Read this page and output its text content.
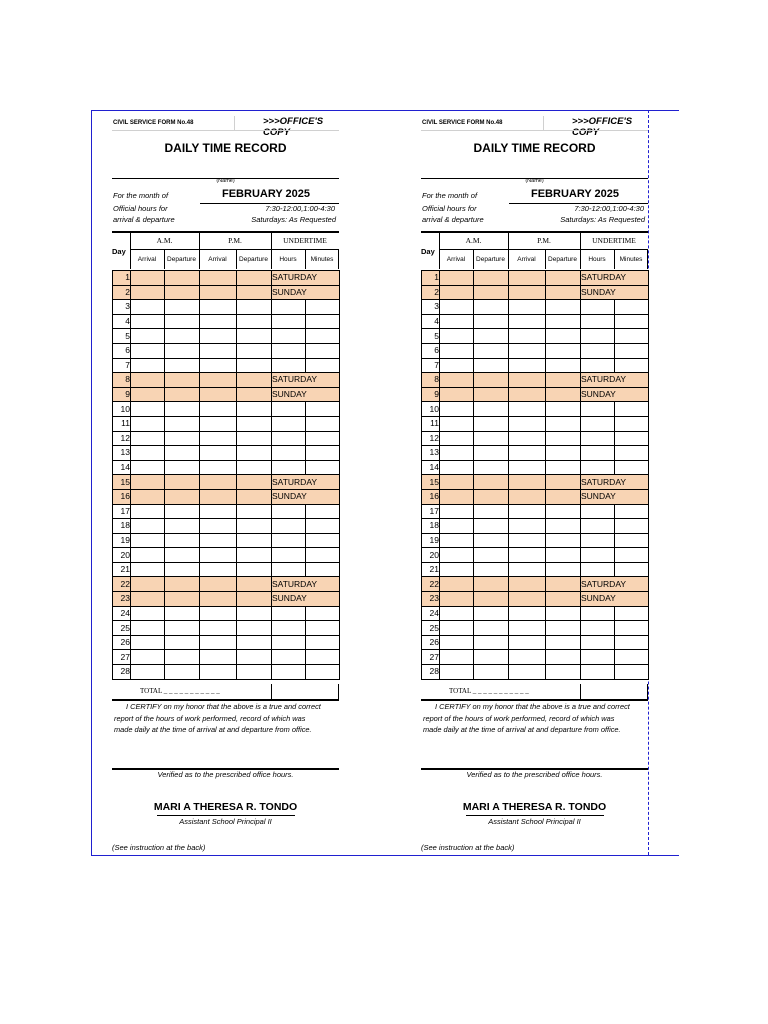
CIVIL SERVICE FORM No.48	>>>OFFICE'S COPY
DAILY TIME RECORD
(Name)
For the month of	FEBRUARY 2025
Official hours for	7:30-12:00,1:00-4:30
arrival & departure	Saturdays: As Requested
A.M.	P.M.	UNDERTIME
Day
Arrival	Departure	Arrival	Departure	Hours	Minutes
1					SATURDAY	
2					SUNDAY	
3						
4						
5						
6						
7						
8					SATURDAY	
9					SUNDAY	
10						
11						
12						
13						
14						
15					SATURDAY	
16					SUNDAY	
17						
18						
19						
20						
21						
22					SATURDAY	
23					SUNDAY	
24						
25						
26						
27						
28						
TOTAL _ _ _ _ _ _ _ _ _ _ _
I CERTIFY on my honor that the above is a true and correct
report of the hours of work performed, record of which was
made daily at the time of arrival at and departure from office.
Verified as to the prescribed office hours.
MARI A THERESA R. TONDO
Assistant School Principal II
(See instruction at the back)
CIVIL SERVICE FORM No.48	>>>OFFICE'S COPY
DAILY TIME RECORD
(Name)
For the month of	FEBRUARY 2025
Official hours for	7:30-12:00,1:00-4:30
arrival & departure	Saturdays: As Requested
A.M.	P.M.	UNDERTIME
Day
Arrival	Departure	Arrival	Departure	Hours	Minutes
1					SATURDAY	
2					SUNDAY	
3						
4						
5						
6						
7						
8					SATURDAY	
9					SUNDAY	
10						
11						
12						
13						
14						
15					SATURDAY	
16					SUNDAY	
17						
18						
19						
20						
21						
22					SATURDAY	
23					SUNDAY	
24						
25						
26						
27						
28						
TOTAL _ _ _ _ _ _ _ _ _ _ _
I CERTIFY on my honor that the above is a true and correct
report of the hours of work performed, record of which was
made daily at the time of arrival at and departure from office.
Verified as to the prescribed office hours.
MARI A THERESA R. TONDO
Assistant School Principal II
(See instruction at the back)
